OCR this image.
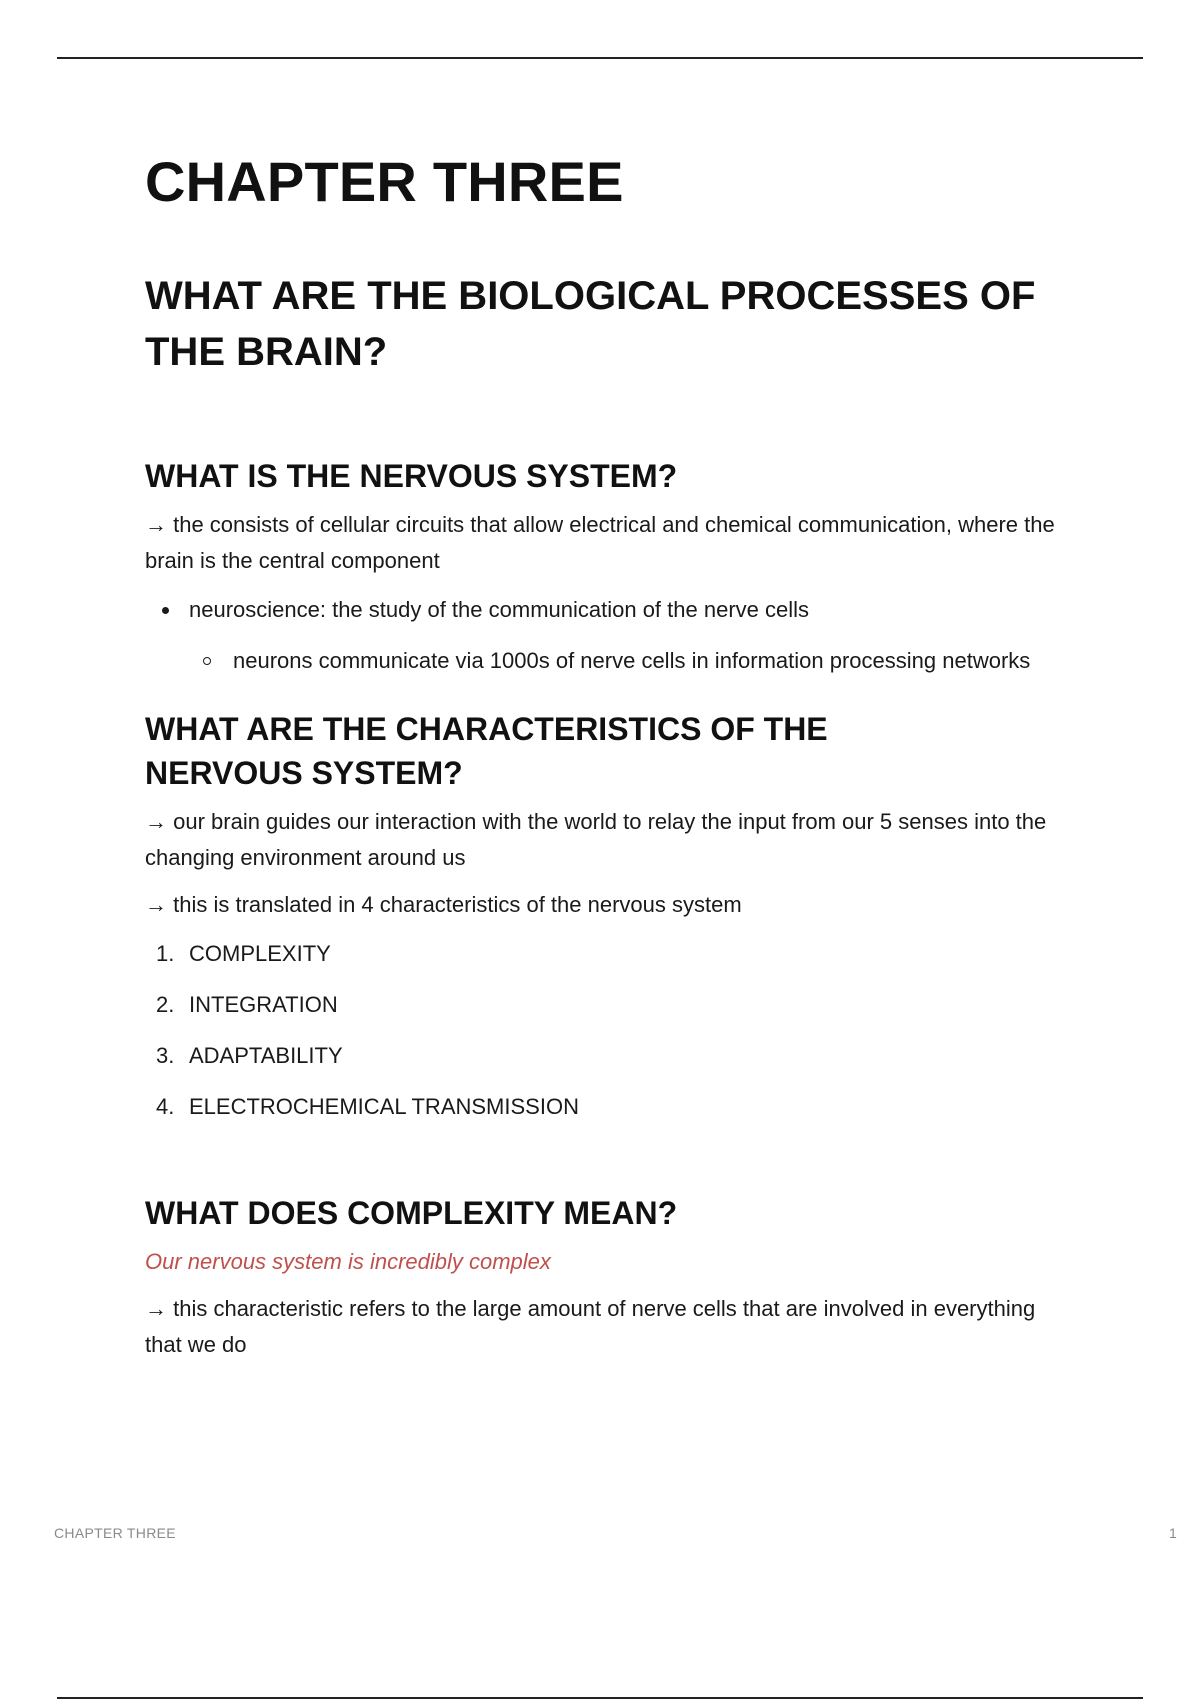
CHAPTER THREE
WHAT ARE THE BIOLOGICAL PROCESSES OF THE BRAIN?
WHAT IS THE NERVOUS SYSTEM?

→ the consists of cellular circuits that allow electrical and chemical communication, where the brain is the central component

neuroscience: the study of the communication of the nerve cells
neurons communicate via 1000s of nerve cells in information processing networks
WHAT ARE THE CHARACTERISTICS OF THE NERVOUS SYSTEM?

→ our brain guides our interaction with the world to relay the input from our 5 senses into the changing environment around us

→ this is translated in 4 characteristics of the nervous system

1. COMPLEXITY
2. INTEGRATION
3. ADAPTABILITY
4. ELECTROCHEMICAL TRANSMISSION
WHAT DOES COMPLEXITY MEAN?

Our nervous system is incredibly complex

→ this characteristic refers to the large amount of nerve cells that are involved in everything that we do

CHAPTER THREE	1
